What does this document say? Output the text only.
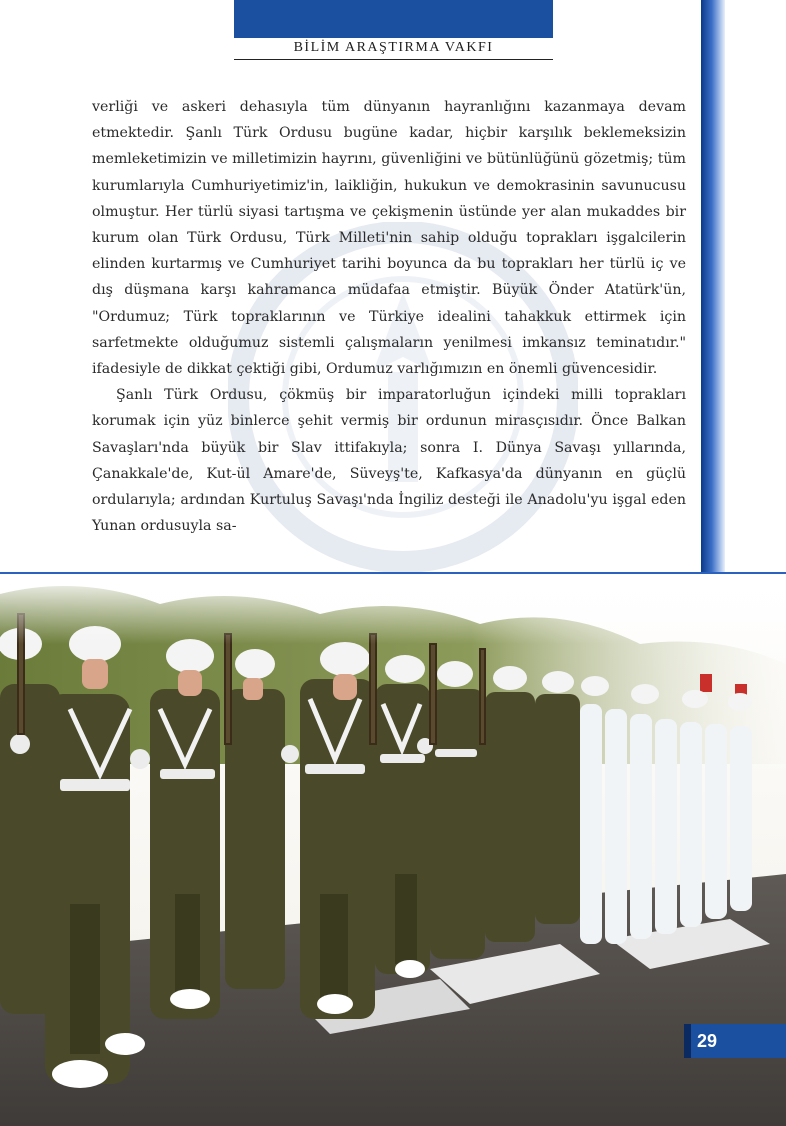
BİLİM ARAŞTIRMA VAKFI

verliği ve askeri dehasıyla tüm dünyanın hayranlığını kazanmaya devam etmektedir. Şanlı Türk Ordusu bugüne kadar, hiçbir karşılık beklemeksizin memleketimizin ve milletimizin hayrını, güvenliğini ve bütünlüğünü gözetmiş; tüm kurumlarıyla Cumhuriyetimiz'in, laikliğin, hukukun ve demokrasinin savunucusu olmuştur. Her türlü siyasi tartışma ve çekişmenin üstünde yer alan mukaddes bir kurum olan Türk Ordusu, Türk Milleti'nin sahip olduğu toprakları işgalcilerin elinden kurtarmış ve Cumhuriyet tarihi boyunca da bu toprakları her türlü iç ve dış düşmana karşı kahramanca müdafaa etmiştir. Büyük Önder Atatürk'ün, "Ordumuz; Türk topraklarının ve Türkiye idealini tahakkuk ettirmek için sarfetmekte olduğumuz sistemli çalışmaların yenilmesi imkansız teminatıdır." ifadesiyle de dikkat çektiği gibi, Ordumuz varlığımızın en önemli güvencesidir.

Şanlı Türk Ordusu, çökmüş bir imparatorluğun içindeki milli toprakları korumak için yüz binlerce şehit vermiş bir ordunun mirasçısıdır. Önce Balkan Savaşları'nda büyük bir Slav ittifakıyla; sonra I. Dünya Savaşı yıllarında, Çanakkale'de, Kut-ül Amare'de, Süveyş'te, Kafkasya'da dünyanın en güçlü ordularıyla; ardından Kurtuluş Savaşı'nda İngiliz desteği ile Anadolu'yu işgal eden Yunan ordusuyla sa-

29
